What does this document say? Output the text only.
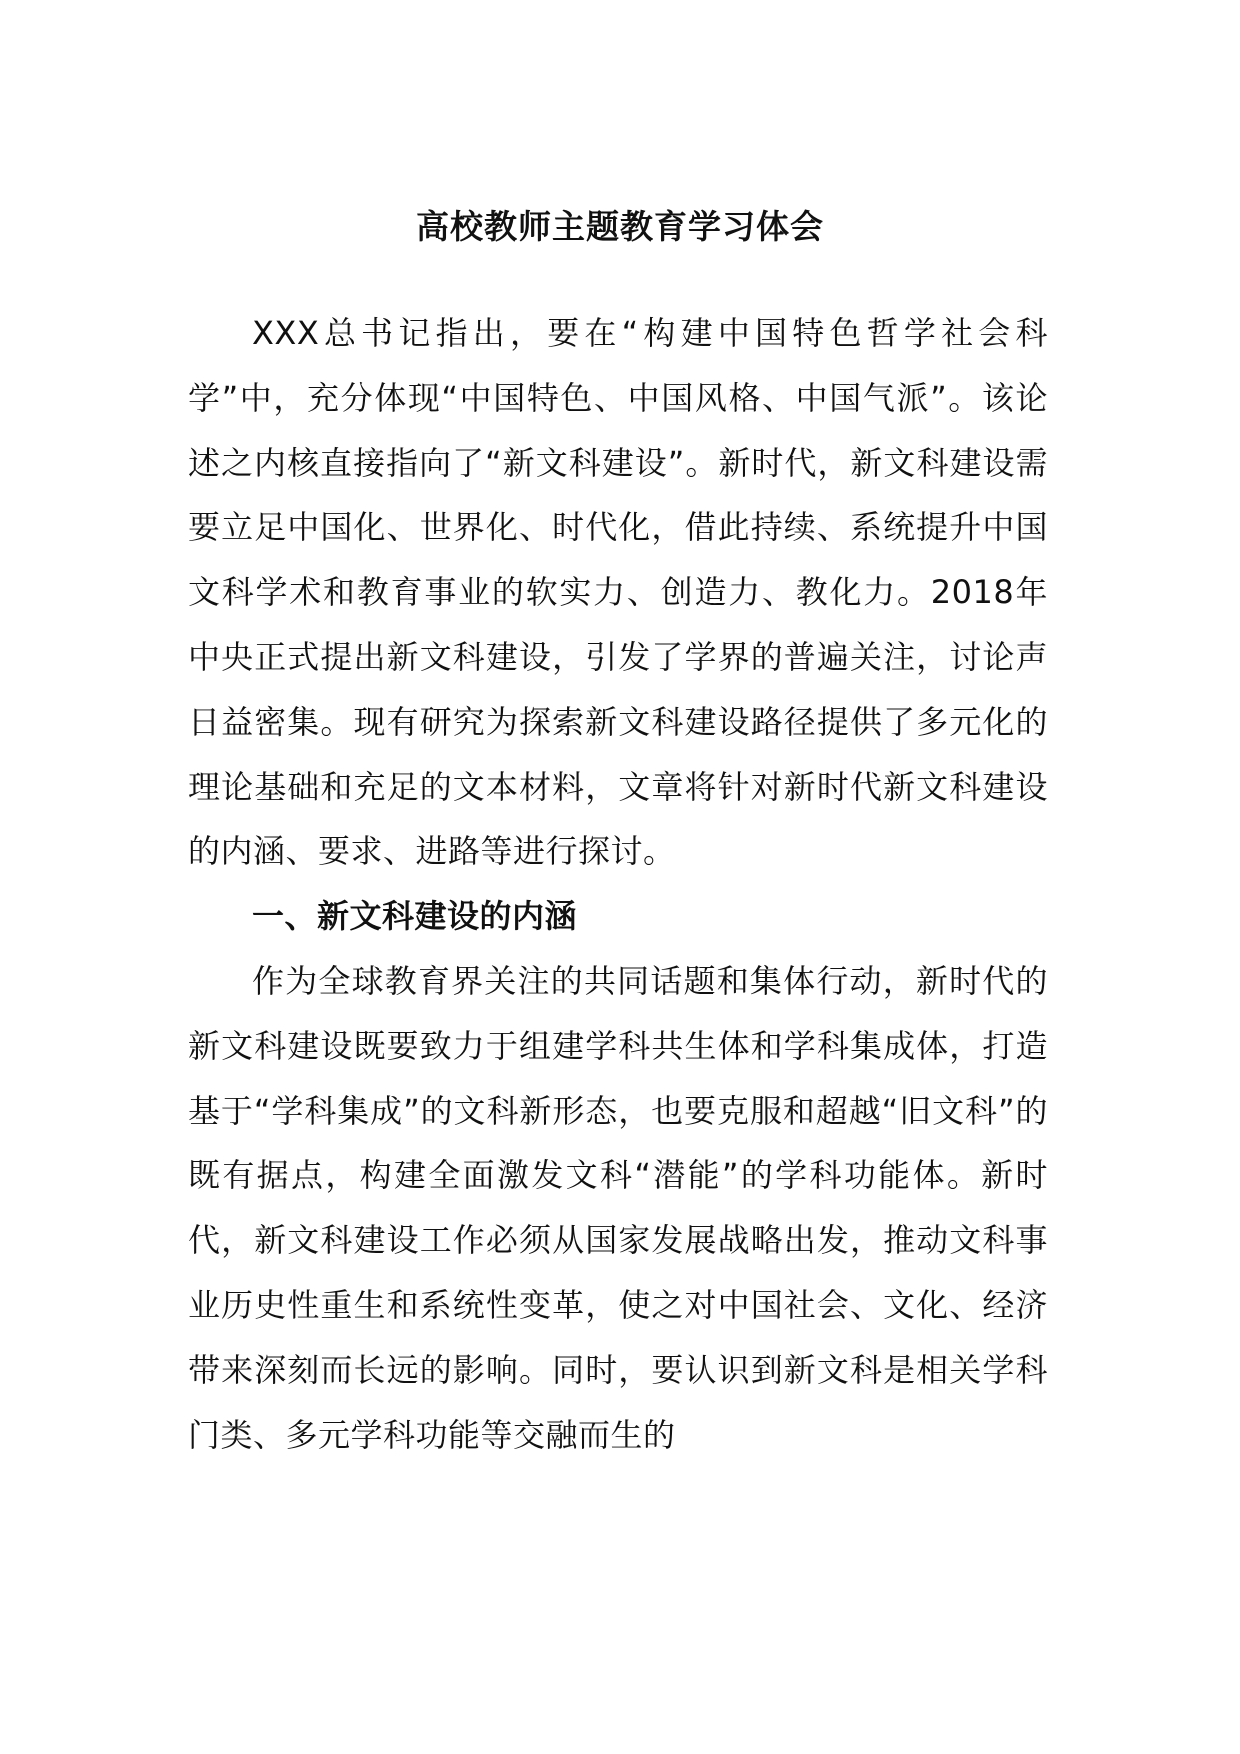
高校教师主题教育学习体会

XXX总书记指出，要在“构建中国特色哲学社会科学”中，充分体现“中国特色、中国风格、中国气派”。该论述之内核直接指向了“新文科建设”。新时代，新文科建设需要立足中国化、世界化、时代化，借此持续、系统提升中国文科学术和教育事业的软实力、创造力、教化力。2018年中央正式提出新文科建设，引发了学界的普遍关注，讨论声日益密集。现有研究为探索新文科建设路径提供了多元化的理论基础和充足的文本材料，文章将针对新时代新文科建设的内涵、要求、进路等进行探讨。

一、新文科建设的内涵

作为全球教育界关注的共同话题和集体行动，新时代的新文科建设既要致力于组建学科共生体和学科集成体，打造基于“学科集成”的文科新形态，也要克服和超越“旧文科”的既有据点，构建全面激发文科“潜能”的学科功能体。新时代，新文科建设工作必须从国家发展战略出发，推动文科事业历史性重生和系统性变革，使之对中国社会、文化、经济带来深刻而长远的影响。同时，要认识到新文科是相关学科门类、多元学科功能等交融而生的
